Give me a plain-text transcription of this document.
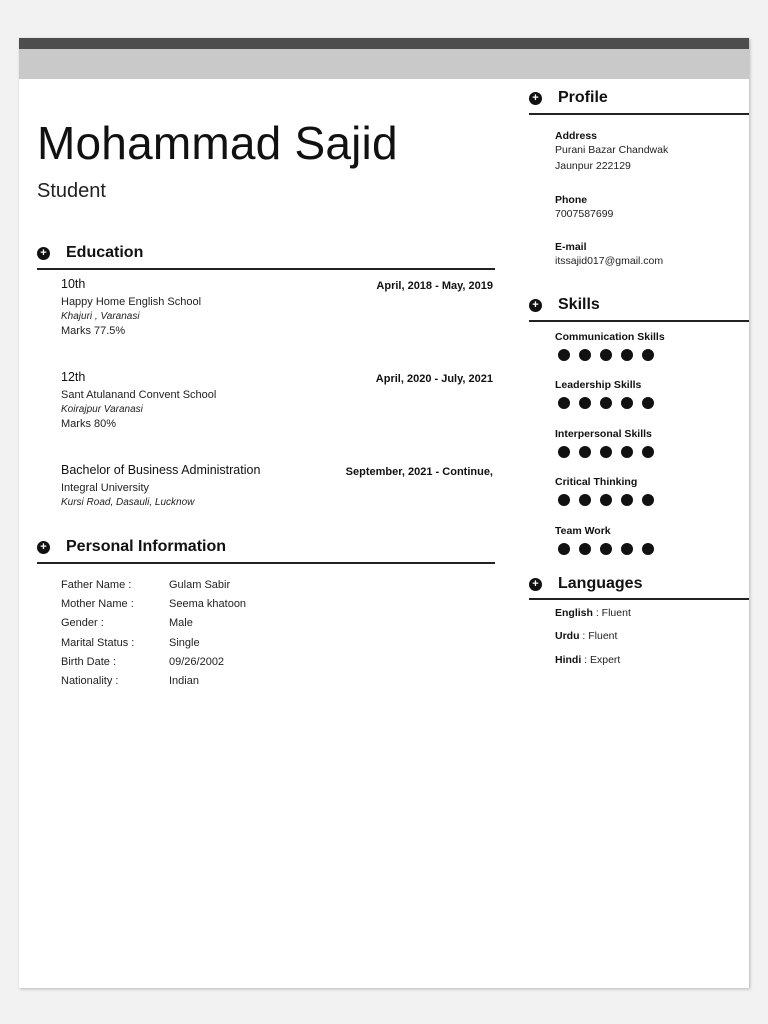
Mohammad Sajid
Student
+ Education
10th	April, 2018 - May, 2019
Happy Home English School
Khajuri , Varanasi
Marks 77.5%
12th	April, 2020 - July, 2021
Sant Atulanand Convent School
Koirajpur Varanasi
Marks 80%
Bachelor of Business Administration	September, 2021 - Continue,
Integral University
Kursi Road, Dasauli, Lucknow
+ Personal Information
Father Name :	Gulam Sabir
Mother Name :	Seema khatoon
Gender :	Male
Marital Status :	Single
Birth Date :	09/26/2002
Nationality :	Indian
+ Profile
Address
Purani Bazar Chandwak
Jaunpur 222129
Phone
7007587699
E-mail
itssajid017@gmail.com
+ Skills
Communication Skills
Leadership Skills
Interpersonal Skills
Critical Thinking
Team Work
+ Languages
English : Fluent
Urdu : Fluent
Hindi : Expert
